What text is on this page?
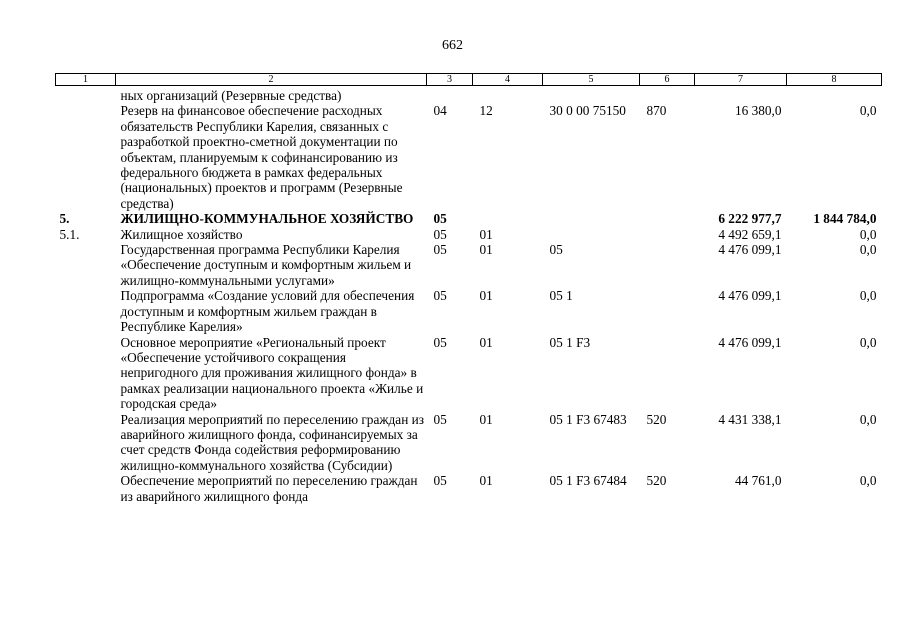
662
1	2	3	4	5	6	7	8
	ных организаций (Резервные средства)						
	Резерв на финансовое обеспечение расходных обязательств Республики Карелия, связанных с разработкой проектно-сметной документации по объектам, планируемым к софинансированию из федерального бюджета в рамках федеральных (национальных) проектов и программ (Резервные средства)	04	12	30 0 00 75150	870	16 380,0	0,0
5.	ЖИЛИЩНО-КОММУНАЛЬНОЕ ХОЗЯЙСТВО	05				6 222 977,7	1 844 784,0
5.1.	Жилищное хозяйство	05	01			4 492 659,1	0,0
	Государственная программа Республики Карелия «Обеспечение доступным и комфортным жильем и жилищно-коммунальными услугами»	05	01	05		4 476 099,1	0,0
	Подпрограмма «Создание условий для обеспечения доступным и комфортным жильем граждан в Республике Карелия»	05	01	05 1		4 476 099,1	0,0
	Основное мероприятие «Региональный проект «Обеспечение устойчивого сокращения непригодного для проживания жилищного фонда» в рамках реализации национального проекта «Жилье и городская среда»	05	01	05 1 F3		4 476 099,1	0,0
	Реализация мероприятий по переселению граждан из аварийного жилищного фонда, софинансируемых за счет средств Фонда содействия реформированию жилищно-коммунального хозяйства (Субсидии)	05	01	05 1 F3 67483	520	4 431 338,1	0,0
	Обеспечение мероприятий по переселению граждан из аварийного жилищного фонда	05	01	05 1 F3 67484	520	44 761,0	0,0
